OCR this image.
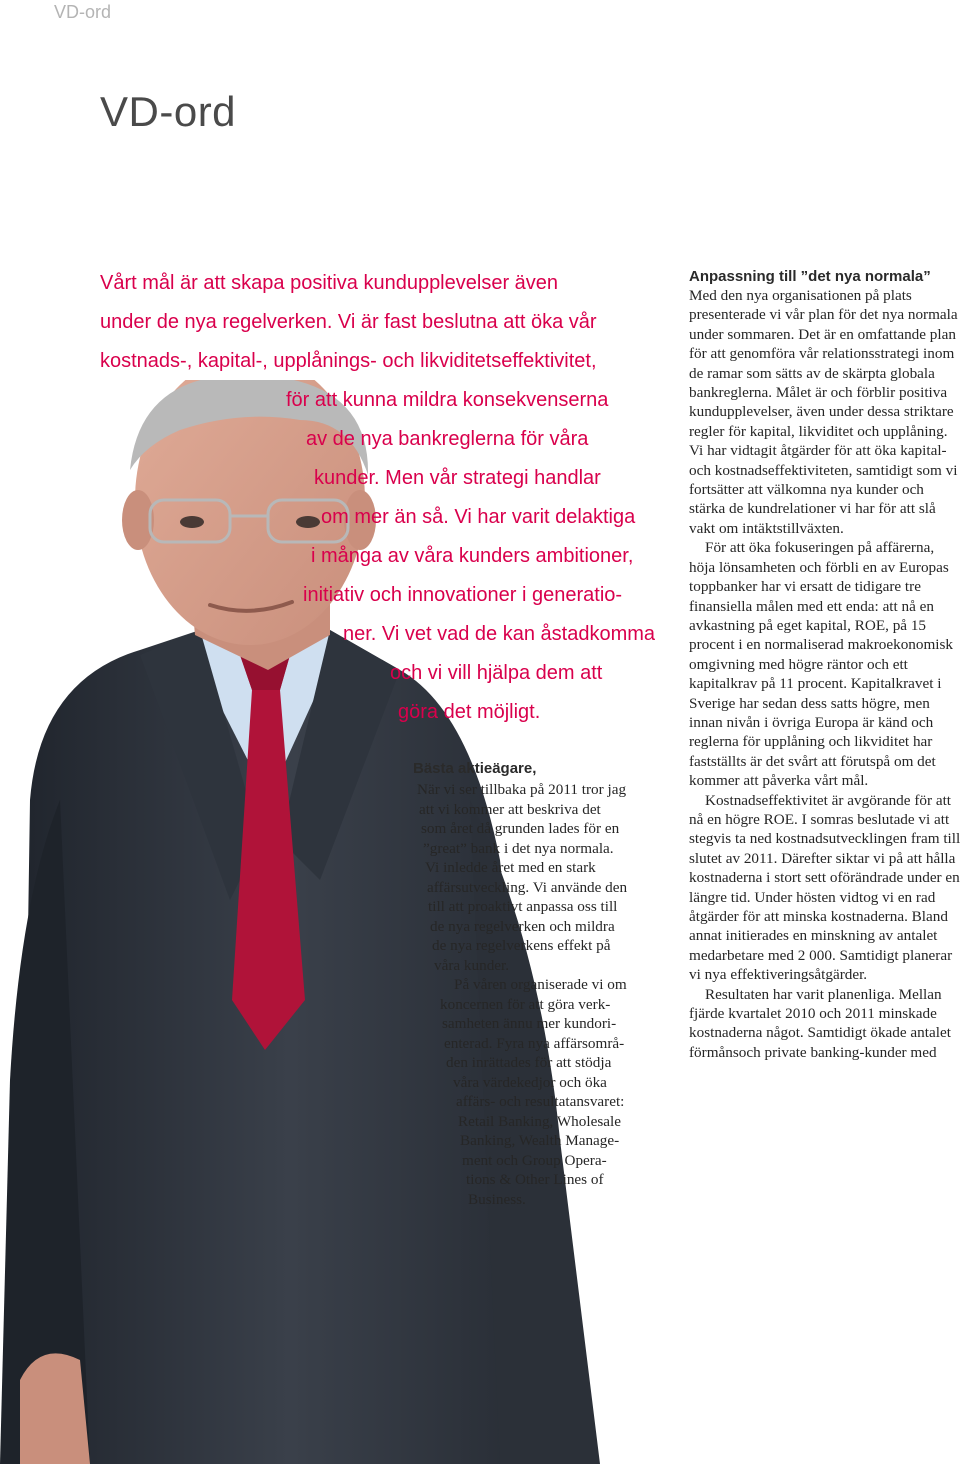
VD-ord
VD-ord

Vårt mål är att skapa positiva kundupplevelser även

under de nya regelverken. Vi är fast beslutna att öka vår

kostnads-, kapital-, upplånings- och likviditetseffektivitet,

för att kunna mildra konsekvenserna

av de nya bankreglerna för våra

kunder. Men vår strategi handlar

om mer än så. Vi har varit delaktiga

i många av våra kunders ambitioner,

initiativ och innovationer i generatio-

ner. Vi vet vad de kan åstadkomma

och vi vill hjälpa dem att

göra det möjligt.

Bästa aktieägare,

När vi ser tillbaka på 2011 tror jag

att vi kommer att beskriva det

som året då grunden lades för en

”great” bank i det nya normala.

Vi inledde året med en stark

affärsutveckling. Vi använde den

till att proaktivt anpassa oss till

de nya regelverken och mildra

de nya regelverkens effekt på

våra kunder.

På våren organiserade vi om

koncernen för att göra verk-

samheten ännu mer kundori-

enterad. Fyra nya affärsområ-

den inrättades för att stödja

våra värdekedjor och öka

affärs- och resultatansvaret:

Retail Banking, Wholesale

Banking, Wealth Manage-

ment och Group Opera-

tions & Other Lines of

Business.

Anpassning till ”det nya normala”

Med den nya organisationen på plats presenterade vi vår plan för det nya normala under sommaren. Det är en omfattande plan för att genomföra vår relationsstrategi inom de ramar som sätts av de skärpta globala bankreglerna. Målet är och förblir positiva kundupplevelser, även under dessa striktare regler för kapital, likviditet och upplåning. Vi har vidtagit åtgärder för att öka kapital- och kostnadseffektiviteten, samtidigt som vi fortsätter att välkomna nya kunder och stärka de kundrelationer vi har för att slå vakt om intäktstillväxten.

För att öka fokuseringen på affärerna, höja lönsamheten och förbli en av Europas toppbanker har vi ersatt de tidigare tre finansiella målen med ett enda: att nå en avkastning på eget kapital, ROE, på 15 procent i en normaliserad makroekonomisk omgivning med högre räntor och ett kapitalkrav på 11 procent. Kapitalkravet i Sverige har sedan dess satts högre, men innan nivån i övriga Europa är känd och reglerna för upplåning och likviditet har fastställts är det svårt att förutspå om det kommer att påverka vårt mål.

Kostnadseffektivitet är avgörande för att nå en högre ROE. I somras beslutade vi att stegvis ta ned kostnadsutvecklingen fram till slutet av 2011. Därefter siktar vi på att hålla kostnaderna i stort sett oförändrade under en längre tid. Under hösten vidtog vi en rad åtgärder för att minska kostnaderna. Bland annat initierades en minskning av antalet medarbetare med 2 000. Samtidigt planerar vi nya effektiveringsåtgärder.

Resultaten har varit planenliga. Mellan fjärde kvartalet 2010 och 2011 minskade kostnaderna något. Samtidigt ökade antalet förmånsoch private banking-kunder med
